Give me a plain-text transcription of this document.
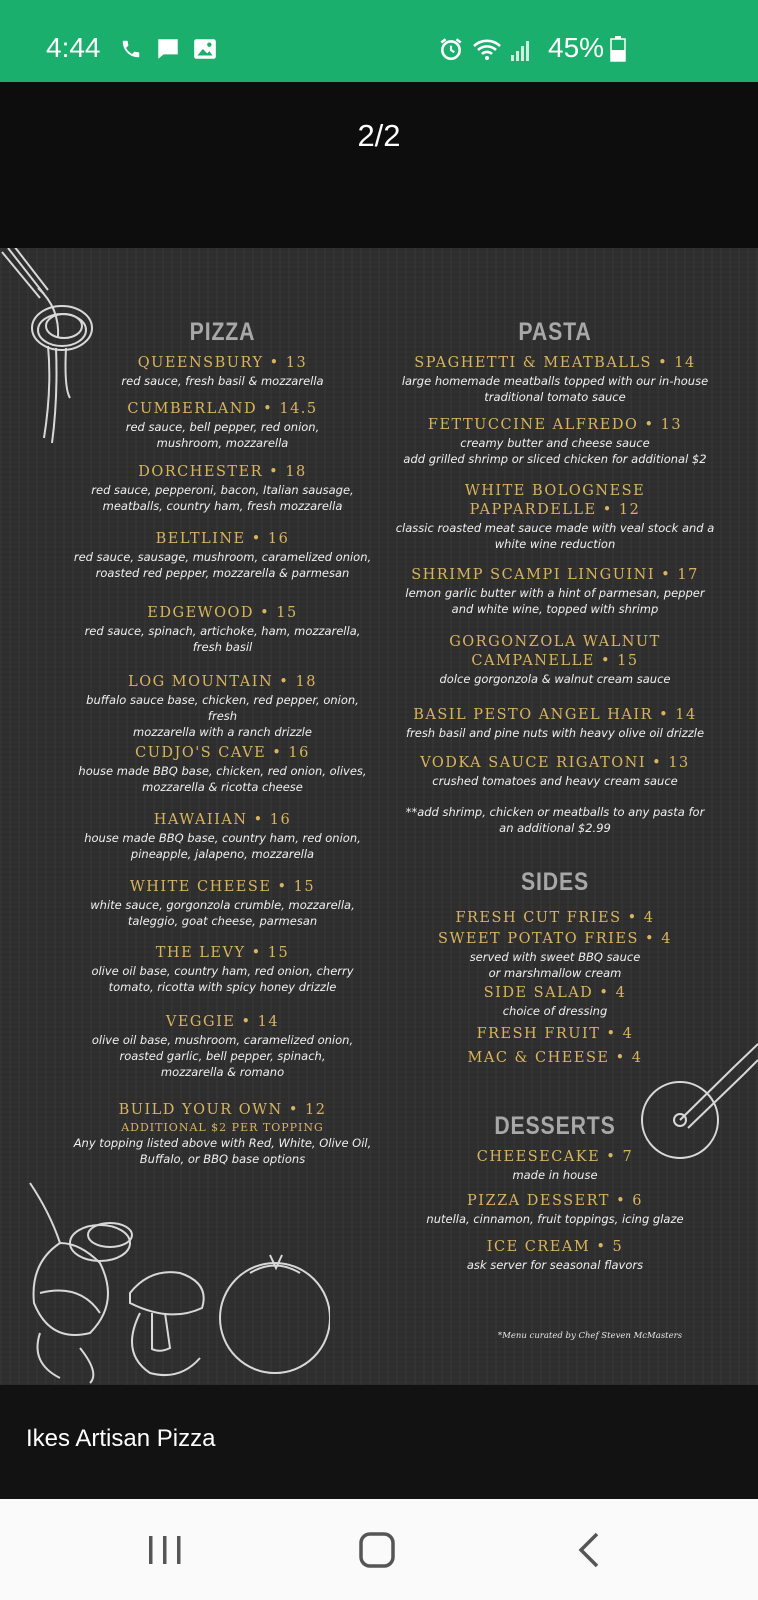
4:44	45%
2/2
PIZZA
QUEENSBURY • 13
red sauce, fresh basil & mozzarella
CUMBERLAND • 14.5
red sauce, bell pepper, red onion,
mushroom, mozzarella
DORCHESTER • 18
red sauce, pepperoni, bacon, Italian sausage,
meatballs, country ham, fresh mozzarella
BELTLINE • 16
red sauce, sausage, mushroom, caramelized onion,
roasted red pepper, mozzarella & parmesan
EDGEWOOD • 15
red sauce, spinach, artichoke, ham, mozzarella,
fresh basil
LOG MOUNTAIN • 18
buffalo sauce base, chicken, red pepper, onion, fresh
mozzarella with a ranch drizzle
CUDJO'S CAVE • 16
house made BBQ base, chicken, red onion, olives,
mozzarella & ricotta cheese
HAWAIIAN • 16
house made BBQ base, country ham, red onion,
pineapple, jalapeno, mozzarella
WHITE CHEESE • 15
white sauce, gorgonzola crumble, mozzarella,
taleggio, goat cheese, parmesan
THE LEVY • 15
olive oil base, country ham, red onion, cherry
tomato, ricotta with spicy honey drizzle
VEGGIE • 14
olive oil base, mushroom, caramelized onion,
roasted garlic, bell pepper, spinach,
mozzarella & romano
BUILD YOUR OWN • 12
ADDITIONAL $2 PER TOPPING
Any topping listed above with Red, White, Olive Oil,
Buffalo, or BBQ base options
PASTA
SPAGHETTI & MEATBALLS • 14
large homemade meatballs topped with our in-house
traditional tomato sauce
FETTUCCINE ALFREDO • 13
creamy butter and cheese sauce
add grilled shrimp or sliced chicken for additional $2
WHITE BOLOGNESE
PAPPARDELLE • 12
classic roasted meat sauce made with veal stock and a
white wine reduction
SHRIMP SCAMPI LINGUINI • 17
lemon garlic butter with a hint of parmesan, pepper
and white wine, topped with shrimp
GORGONZOLA WALNUT
CAMPANELLE • 15
dolce gorgonzola & walnut cream sauce
BASIL PESTO ANGEL HAIR • 14
fresh basil and pine nuts with heavy olive oil drizzle
VODKA SAUCE RIGATONI • 13
crushed tomatoes and heavy cream sauce
**add shrimp, chicken or meatballs to any pasta for
an additional $2.99
SIDES
FRESH CUT FRIES • 4
SWEET POTATO FRIES • 4
served with sweet BBQ sauce
or marshmallow cream
SIDE SALAD • 4
choice of dressing
FRESH FRUIT • 4
MAC & CHEESE • 4
DESSERTS
CHEESECAKE • 7
made in house
PIZZA DESSERT • 6
nutella, cinnamon, fruit toppings, icing glaze
ICE CREAM • 5
ask server for seasonal flavors
*Menu curated by Chef Steven McMasters
Ikes Artisan Pizza
